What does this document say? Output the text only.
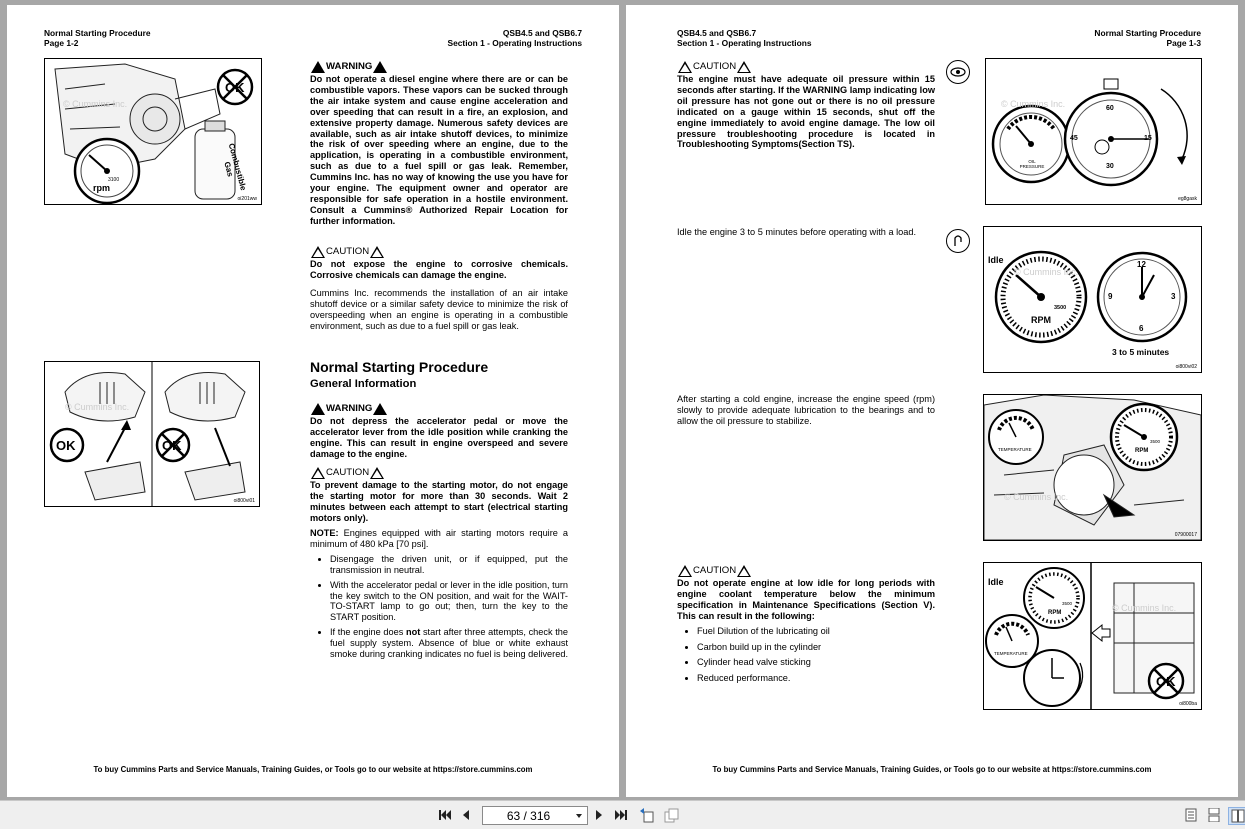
Normal Starting Procedure
Page 1-2
QSB4.5 and QSB6.7
Section 1 - Operating Instructions
© Cummins Inc.
OK
3100
rpm	Combustible Gas
oi201ww
WARNING
Do not operate a diesel engine where there are or can be combustible vapors. These vapors can be sucked through the air intake system and cause engine acceleration and over speeding that can result in a fire, an explosion, and extensive property damage. Numerous safety devices are available, such as air intake shutoff devices, to minimize the risk of over speeding where an engine, due to the application, is operating in a combustible environment, such as due to a fuel spill or gas leak. Remember, Cummins Inc. has no way of knowing the use you have for your engine. The equipment owner and operator are responsible for safe operation in a hostile environment. Consult a Cummins® Authorized Repair Location for further information.
CAUTION
Do not expose the engine to corrosive chemicals. Corrosive chemicals can damage the engine.
Cummins Inc. recommends the installation of an air intake shutoff device or a similar safety device to minimize the risk of overspeeding when an engine is operating in a combustible environment, such as due to a fuel spill or gas leak.
Normal Starting Procedure
General Information
WARNING
Do not depress the accelerator pedal or move the accelerator lever from the idle position while cranking the engine. This can result in engine overspeed and severe damage to the engine.
CAUTION
To prevent damage to the starting motor, do not engage the starting motor for more than 30 seconds. Wait 2 minutes between each attempt to start (electrical starting motors only).
NOTE: Engines equipped with air starting motors require a minimum of 480 kPa [70 psi].
• Disengage the driven unit, or if equipped, put the transmission in neutral.
• With the accelerator pedal or lever in the idle position, turn the key switch to the ON position, and wait for the WAIT-TO-START lamp to go out; then, turn the key to the START position.
• If the engine does not start after three attempts, check the fuel supply system. Absence of blue or white exhaust smoke during cranking indicates no fuel is being delivered.
© Cummins Inc.
OK	OK
oi800vi01
To buy Cummins Parts and Service Manuals, Training Guides, or Tools go to our website at https://store.cummins.com
QSB4.5 and QSB6.7
Section 1 - Operating Instructions
Normal Starting Procedure
Page 1-3
CAUTION
The engine must have adequate oil pressure within 15 seconds after starting. If the WARNING lamp indicating low oil pressure has not gone out or there is no oil pressure indicated on a gauge within 15 seconds, shut off the engine immediately to avoid engine damage. The low oil pressure troubleshooting procedure is located in Troubleshooting Symptoms(Section TS).
© Cummins Inc.
OIL PRESSURE
60
15
45
30
eg8gask
Idle the engine 3 to 5 minutes before operating with a load.
© Cummins Inc.
Idle
RPM
3500
12
3
6
9
3 to 5 minutes
oi800vi02
After starting a cold engine, increase the engine speed (rpm) slowly to provide adequate lubrication to the bearings and to allow the oil pressure to stabilize.
© Cummins Inc.
TEMPERATURE	RPM
3500
07900017
CAUTION
Do not operate engine at low idle for long periods with engine coolant temperature below the minimum specification in Maintenance Specifications (Section V). This can result in the following:
• Fuel Dilution of the lubricating oil
• Carbon build up in the cylinder
• Cylinder head valve sticking
• Reduced performance.
© Cummins Inc.
Idle
RPM
3500
TEMPERATURE
OK
oi800ba
To buy Cummins Parts and Service Manuals, Training Guides, or Tools go to our website at https://store.cummins.com
63 / 316
